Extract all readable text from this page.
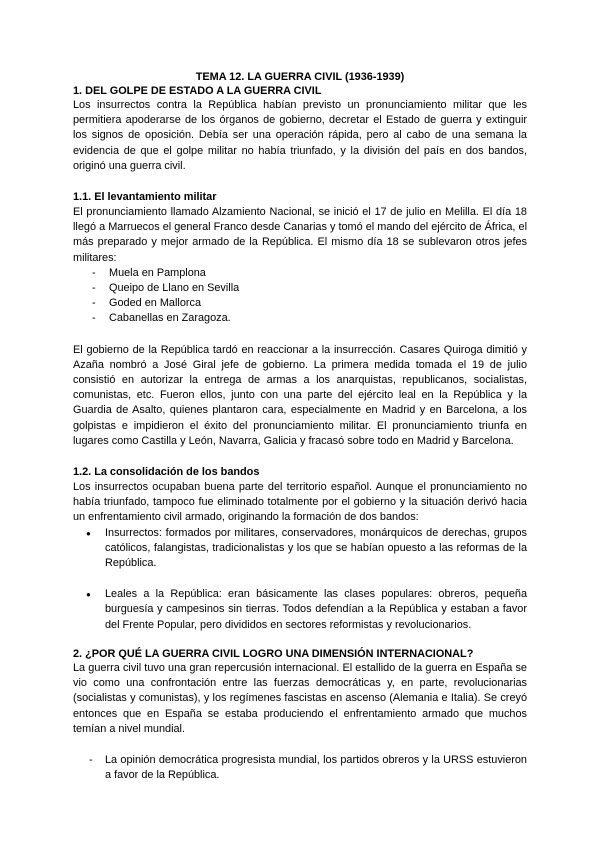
TEMA 12. LA GUERRA CIVIL (1936-1939)

1. DEL GOLPE DE ESTADO A LA GUERRA CIVIL

Los insurrectos contra la República habían previsto un pronunciamiento militar que les permitiera apoderarse de los órganos de gobierno, decretar el Estado de guerra y extinguir los signos de oposición. Debía ser una operación rápida, pero al cabo de una semana la evidencia de que el golpe militar no había triunfado, y la división del país en dos bandos, originó una guerra civil.

1.1. El levantamiento militar

El pronunciamiento llamado Alzamiento Nacional, se inició el 17 de julio en Melilla. El día 18 llegó a Marruecos el general Franco desde Canarias y tomó el mando del ejército de África, el más preparado y mejor armado de la República. El mismo día 18 se sublevaron otros jefes militares:

- Muela en Pamplona
- Queipo de Llano en Sevilla
- Goded en Mallorca
- Cabanellas en Zaragoza.

El gobierno de la República tardó en reaccionar a la insurrección. Casares Quiroga dimitió y Azaña nombró a José Giral jefe de gobierno. La primera medida tomada el 19 de julio consistió en autorizar la entrega de armas a los anarquistas, republicanos, socialistas, comunistas, etc. Fueron ellos, junto con una parte del ejército leal en la República y la Guardia de Asalto, quienes plantaron cara, especialmente en Madrid y en Barcelona, a los golpistas e impidieron el éxito del pronunciamiento militar. El pronunciamiento triunfa en lugares como Castilla y León, Navarra, Galicia y fracasó sobre todo en Madrid y Barcelona.

1.2. La consolidación de los bandos

Los insurrectos ocupaban buena parte del territorio español. Aunque el pronunciamiento no había triunfado, tampoco fue eliminado totalmente por el gobierno y la situación derivó hacia un enfrentamiento civil armado, originando la formación de dos bandos:

● Insurrectos: formados por militares, conservadores, monárquicos de derechas, grupos católicos, falangistas, tradicionalistas y los que se habían opuesto a las reformas de la República.
● Leales a la República: eran básicamente las clases populares: obreros, pequeña burguesía y campesinos sin tierras. Todos defendían a la República y estaban a favor del Frente Popular, pero divididos en sectores reformistas y revolucionarios.
2. ¿POR QUÉ LA GUERRA CIVIL LOGRO UNA DIMENSIÓN INTERNACIONAL?

La guerra civil tuvo una gran repercusión internacional. El estallido de la guerra en España se vio como una confrontación entre las fuerzas democráticas y, en parte, revolucionarias (socialistas y comunistas), y los regímenes fascistas en ascenso (Alemania e Italia). Se creyó entonces que en España se estaba produciendo el enfrentamiento armado que muchos temían a nivel mundial.

- La opinión democrática progresista mundial, los partidos obreros y la URSS estuvieron a favor de la República.
